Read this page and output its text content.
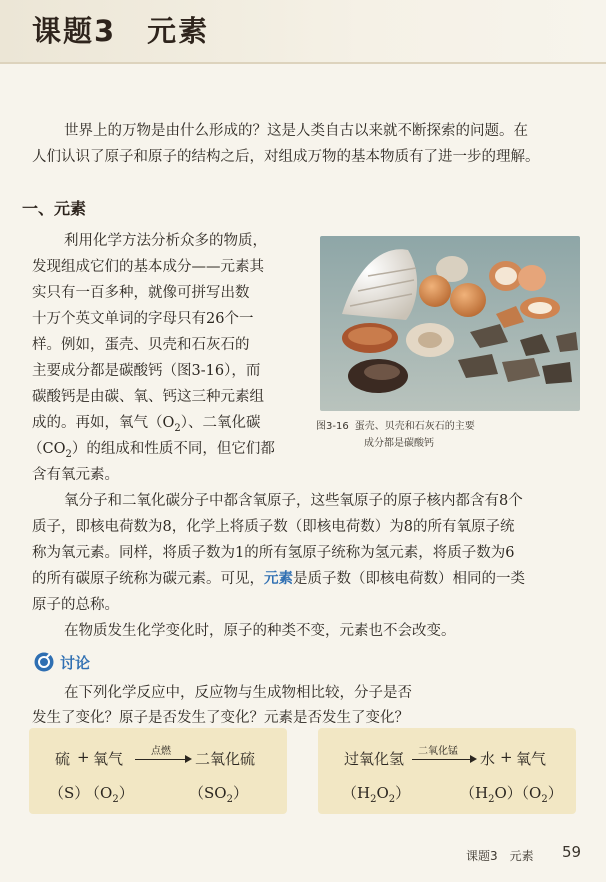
课题3　元素
世界上的万物是由什么形成的？这是人类自古以来就不断探索的问题。在
人们认识了原子和原子的结构之后，对组成万物的基本物质有了进一步的理解。
一、元素
利用化学方法分析众多的物质，
发现组成它们的基本成分——元素其
实只有一百多种，就像可拼写出数
十万个英文单词的字母只有26个一
样。例如，蛋壳、贝壳和石灰石的
主要成分都是碳酸钙（图3-16），而
碳酸钙是由碳、氧、钙这三种元素组
成的。再如，氧气$(O_2)$、二氧化碳
$(CO_2)$的组成和性质不同，但它们都
含有氧元素。
图3-16 蛋壳、贝壳和石灰石的主要
成分都是碳酸钙
氧分子和二氧化碳分子中都含氧原子，这些氧原子的原子核内都含有8个
质子，即核电荷数为8，化学上将质子数（即核电荷数）为8的所有氧原子统
称为氧元素。同样，将质子数为1的所有氢原子统称为氢元素，将质子数为6
的所有碳原子统称为碳元素。可见，元素是质子数（即核电荷数）相同的一类
原子的总称。
在物质发生化学变化时，原子的种类不变，元素也不会改变。
讨论
在下列化学反应中，反应物与生成物相比较，分子是否
发生了变化？原子是否发生了变化？元素是否发生了变化？
硫 + 氧气	点燃 二氧化硫
（S）
$(O_2)$	$(SO_2)$
过氧化氢 二氧化锰 水 + 氧气
$(H_2O_2)$	$(H_2O)$
$(O_2)$
课题3　元素 59
